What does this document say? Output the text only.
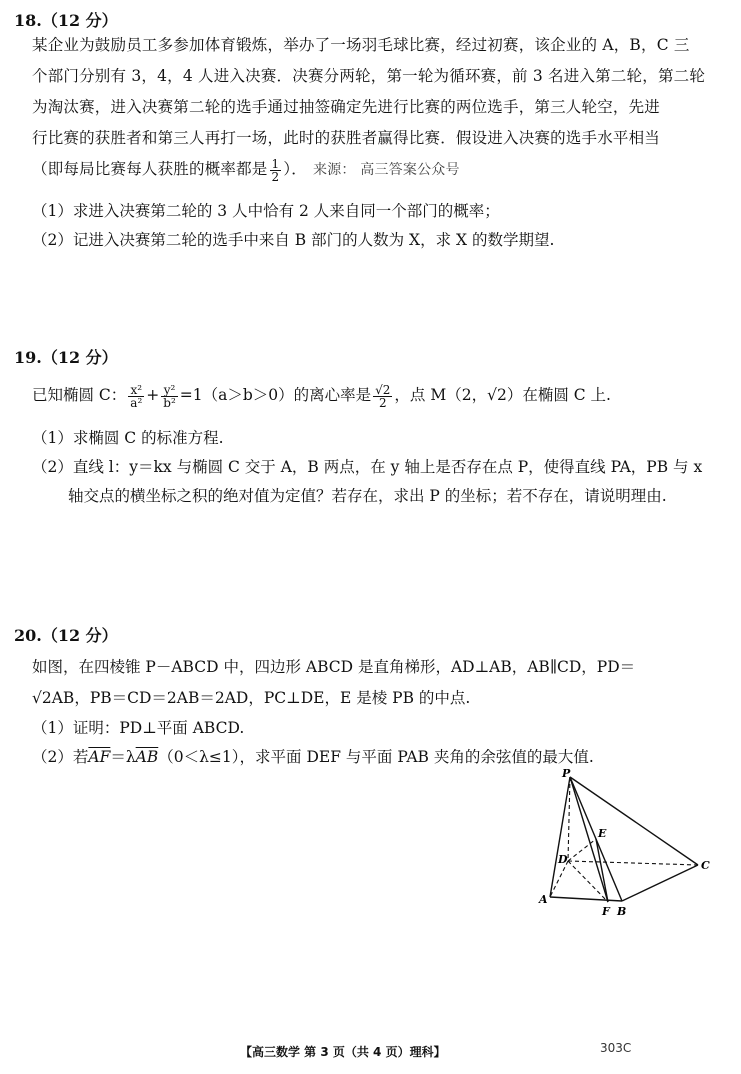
18.（12 分）
某企业为鼓励员工多参加体育锻炼，举办了一场羽毛球比赛，经过初赛，该企业的 A，B，C 三
个部门分别有 3，4，4 人进入决赛．决赛分两轮，第一轮为循环赛，前 3 名进入第二轮，第二轮
为淘汰赛，进入决赛第二轮的选手通过抽签确定先进行比赛的两位选手，第三人轮空，先进
行比赛的获胜者和第三人再打一场，此时的获胜者赢得比赛．假设进入决赛的选手水平相当
（即每局比赛每人获胜的概率都是 $\frac{1}{2}$ ）． 来源： 高三答案公众号
（1）求进入决赛第二轮的 3 人中恰有 2 人来自同一个部门的概率；
（2）记进入决赛第二轮的选手中来自 B 部门的人数为 X，求 X 的数学期望.
19.（12 分）
已知椭圆 C： $\frac{\text{x²}}{\text{a²}} + \frac{\text{y²}}{\text{b²}} =1(a>b>0)$的离心率是 $\frac{√2}{2}$ ，点 M（2，√2）在椭圆 C 上.
（1）求椭圆 C 的标准方程.
（2）直线 l：y＝kx 与椭圆 C 交于 A，B 两点，在 y 轴上是否存在点 P，使得直线 PA，PB 与 x
轴交点的横坐标之积的绝对值为定值？若存在，求出 P 的坐标；若不存在，请说明理由.
20.（12 分）
如图，在四棱锥 P－ABCD 中，四边形 ABCD 是直角梯形，AD⊥AB，AB∥CD，PD＝
√2AB，PB＝CD＝2AB＝2AD，PC⊥DE，E 是棱 PB 的中点.
（1）证明：PD⊥平面 ABCD.
（2）若$\overline{AF}=\lambda\overline{AB}(0<\lambda\le 1)$，求平面 DEF 与平面 PAB 夹角的余弦值的最大值.
P
E
D	C
A
F B
【高三数学 第 3 页（共 4 页）理科】	303C
